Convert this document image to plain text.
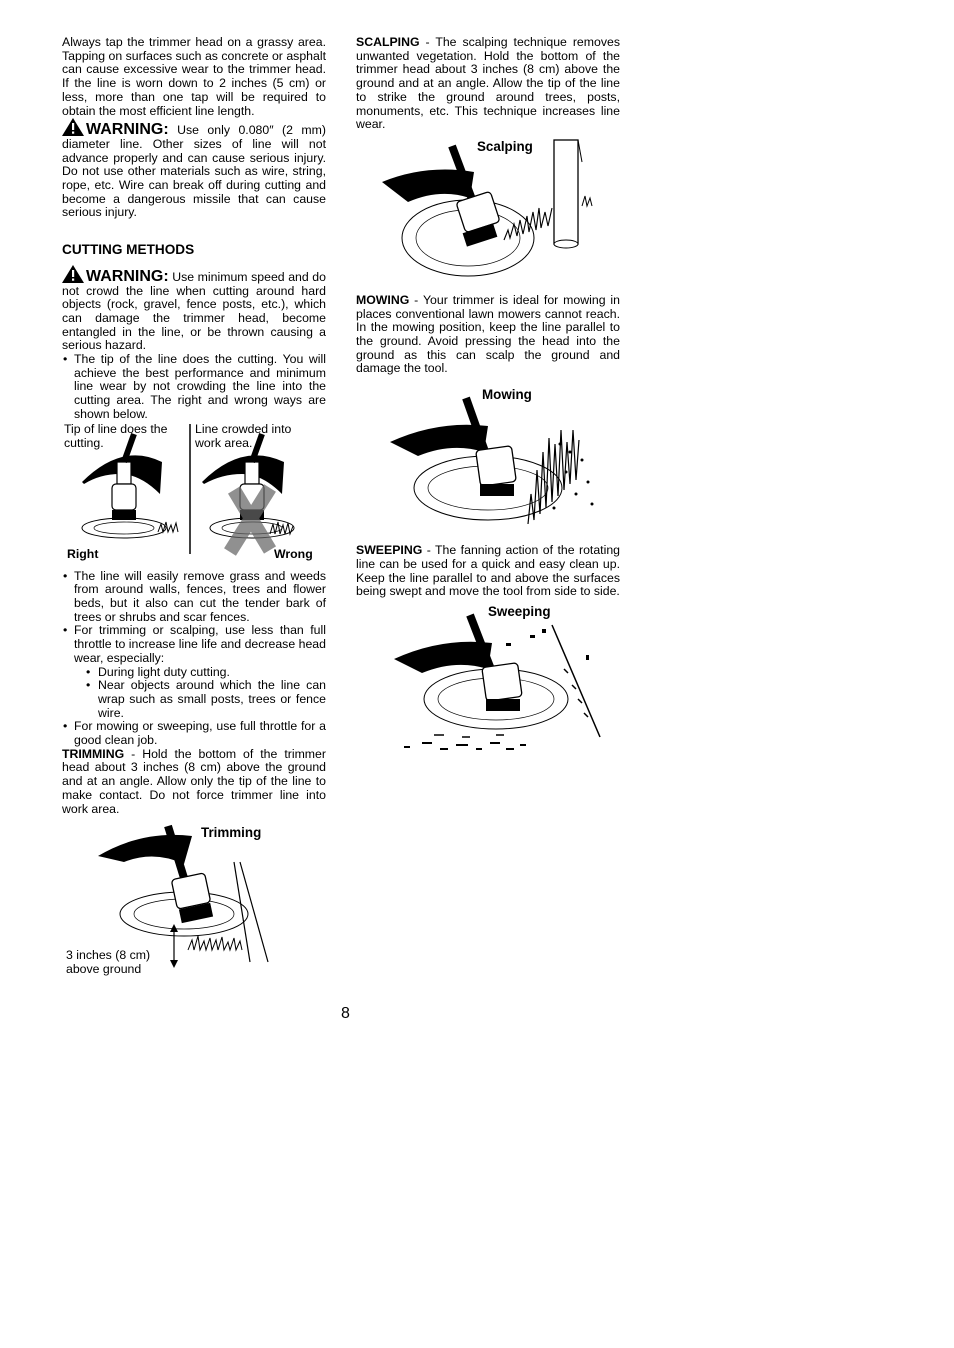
Always tap the trimmer head on a grassy area. Tapping on surfaces such as concrete or asphalt can cause excessive wear to the trimmer head. If the line is worn down to 2 inches (5 cm) or less, more than one tap will be required to obtain the most efficient line length.

WARNING: Use only 0.080″ (2 mm) diameter line. Other sizes of line will not advance properly and can cause serious injury. Do not use other materials such as wire, string, rope, etc. Wire can break off during cutting and become a dangerous missile that can cause serious injury.

CUTTING METHODS

WARNING: Use minimum speed and do not crowd the line when cutting around hard objects (rock, gravel, fence posts, etc.), which can damage the trimmer head, become entangled in the line, or be thrown causing a serious hazard.

• The tip of the line does the cutting. You will achieve the best performance and minimum line wear by not crowding the line into the cutting area. The right and wrong ways are shown below.
Tip of line does the cutting.
Line crowded into work area.
Right	Wrong
• The line will easily remove grass and weeds from around walls, fences, trees and flower beds, but it also can cut the tender bark of trees or shrubs and scar fences.
• For trimming or scalping, use less than full throttle to increase line life and decrease head wear, especially:
• During light duty cutting.
• Near objects around which the line can wrap such as small posts, trees or fence wire.
• For mowing or sweeping, use full throttle for a good clean job.

TRIMMING - Hold the bottom of the trimmer head about 3 inches (8 cm) above the ground and at an angle. Allow only the tip of the line to make contact. Do not force trimmer line into work area.

Trimming
3 inches (8 cm)
above ground

SCALPING - The scalping technique removes unwanted vegetation. Hold the bottom of the trimmer head about 3 inches (8 cm) above the ground and at an angle. Allow the tip of the line to strike the ground around trees, posts, monuments, etc. This technique increases line wear.

Scalping

MOWING - Your trimmer is ideal for mowing in places conventional lawn mowers cannot reach. In the mowing position, keep the line parallel to the ground. Avoid pressing the head into the ground as this can scalp the ground and damage the tool.

Mowing

SWEEPING - The fanning action of the rotating line can be used for a quick and easy clean up. Keep the line parallel to and above the surfaces being swept and move the tool from side to side.

Sweeping
8
